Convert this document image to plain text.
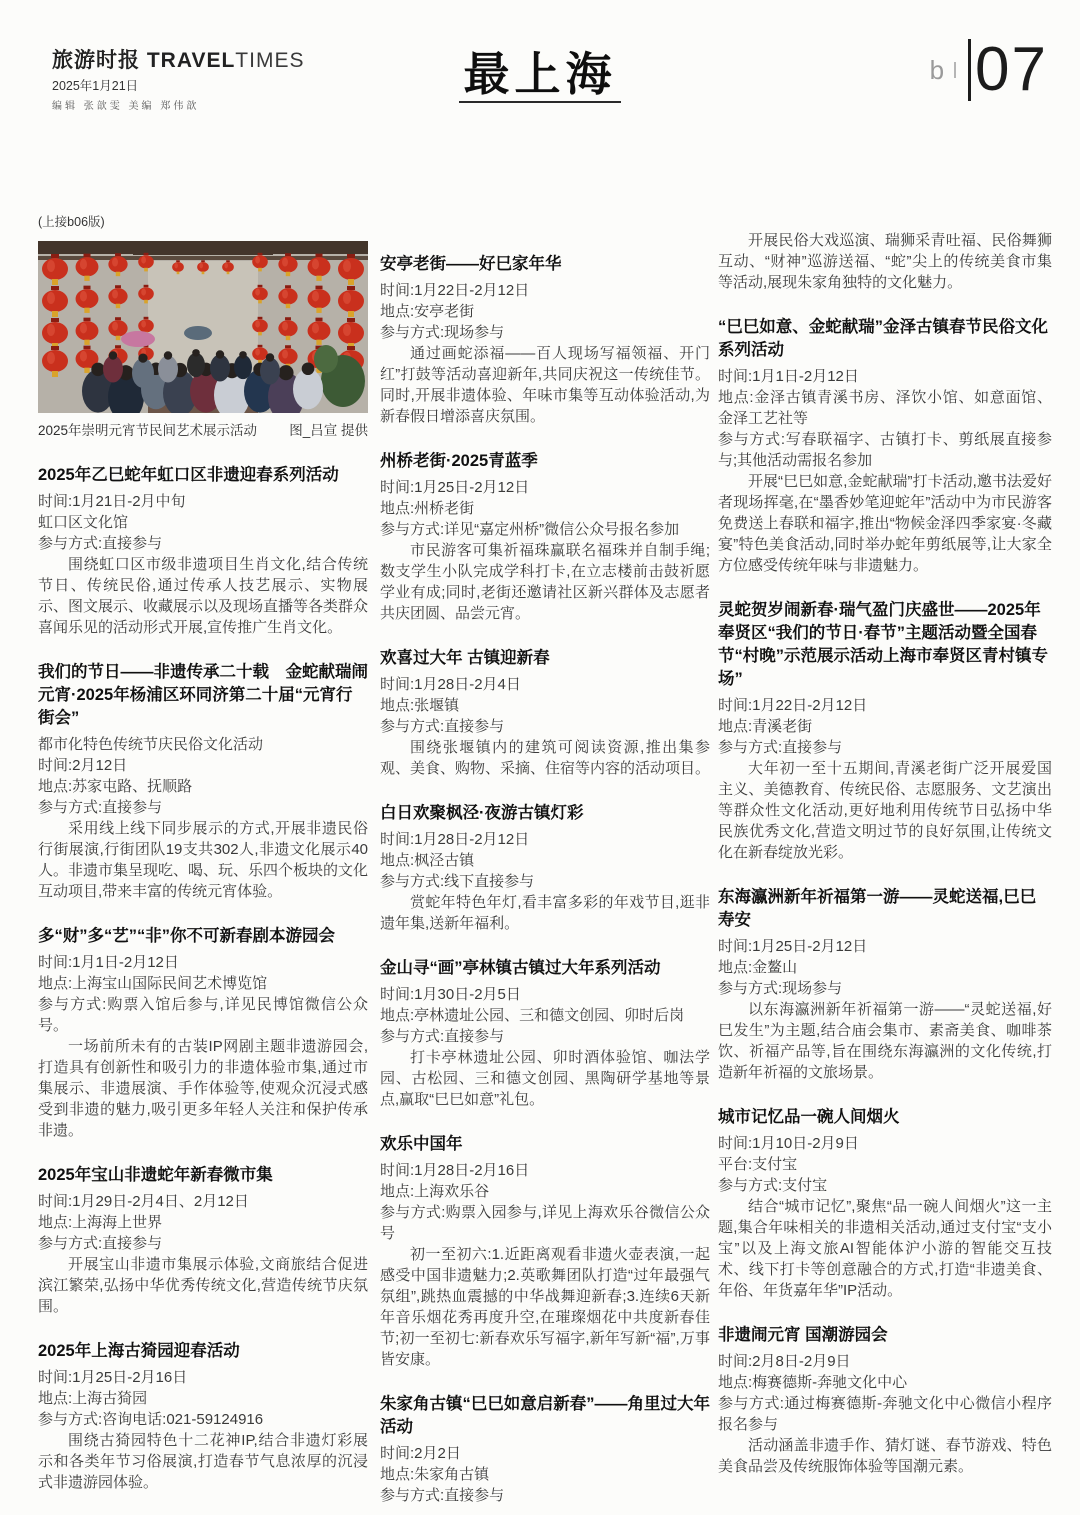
旅游时报 TRAVELTIMES
2025年1月21日
编辑 张歆雯 美编 郑伟歆
最上海	b 07

(上接b06版)

2025年崇明元宵节民间艺术展示活动 图_吕宣 提供
2025年乙巳蛇年虹口区非遗迎春系列活动

时间:1月21日-2月中旬

虹口区文化馆

参与方式:直接参与

围绕虹口区市级非遗项目生肖文化,结合传统节日、传统民俗,通过传承人技艺展示、实物展示、图文展示、收藏展示以及现场直播等各类群众喜闻乐见的活动形式开展,宣传推广生肖文化。

我们的节日——非遗传承二十载　金蛇献瑞闹元宵·2025年杨浦区环同济第二十届“元宵行街会”

都市化特色传统节庆民俗文化活动

时间:2月12日

地点:苏家屯路、抚顺路

参与方式:直接参与

采用线上线下同步展示的方式,开展非遗民俗行街展演,行街团队19支共302人,非遗文化展示40人。非遗市集呈现吃、喝、玩、乐四个板块的文化互动项目,带来丰富的传统元宵体验。

多“财”多“艺”“非”你不可新春剧本游园会

时间:1月1日-2月12日

地点:上海宝山国际民间艺术博览馆

参与方式:购票入馆后参与,详见民博馆微信公众号。

一场前所未有的古装IP网剧主题非遗游园会,打造具有创新性和吸引力的非遗体验市集,通过市集展示、非遗展演、手作体验等,使观众沉浸式感受到非遗的魅力,吸引更多年轻人关注和保护传承非遗。

2025年宝山非遗蛇年新春微市集

时间:1月29日-2月4日、2月12日

地点:上海海上世界

参与方式:直接参与

开展宝山非遗市集展示体验,文商旅结合促进滨江繁荣,弘扬中华优秀传统文化,营造传统节庆氛围。

2025年上海古猗园迎春活动

时间:1月25日-2月16日

地点:上海古猗园

参与方式:咨询电话:021-59124916

围绕古猗园特色十二花神IP,结合非遗灯彩展示和各类年节习俗展演,打造春节气息浓厚的沉浸式非遗游园体验。

安亭老街——好巳家年华

时间:1月22日-2月12日

地点:安亭老街

参与方式:现场参与

通过画蛇添福——百人现场写福领福、开门红”打鼓等活动喜迎新年,共同庆祝这一传统佳节。同时,开展非遗体验、年味市集等互动体验活动,为新春假日增添喜庆氛围。

州桥老街·2025青蓝季

时间:1月25日-2月12日

地点:州桥老街

参与方式:详见“嘉定州桥”微信公众号报名参加

市民游客可集祈福珠赢联名福珠并自制手绳;数支学生小队完成学科打卡,在立志楼前击鼓祈愿学业有成;同时,老街还邀请社区新兴群体及志愿者共庆团圆、品尝元宵。

欢喜过大年 古镇迎新春

时间:1月28日-2月4日

地点:张堰镇

参与方式:直接参与

围绕张堰镇内的建筑可阅读资源,推出集参观、美食、购物、采摘、住宿等内容的活动项目。

白日欢聚枫泾·夜游古镇灯彩

时间:1月28日-2月12日

地点:枫泾古镇

参与方式:线下直接参与

赏蛇年特色年灯,看丰富多彩的年戏节目,逛非遗年集,送新年福利。

金山寻“画”亭林镇古镇过大年系列活动

时间:1月30日-2月5日

地点:亭林遗址公园、三和德文创园、卯时后岗

参与方式:直接参与

打卡亭林遗址公园、卯时酒体验馆、咖法学园、古松园、三和德文创园、黑陶研学基地等景点,赢取“巳巳如意”礼包。

欢乐中国年

时间:1月28日-2月16日

地点:上海欢乐谷

参与方式:购票入园参与,详见上海欢乐谷微信公众号

初一至初六:1.近距离观看非遗火壶表演,一起感受中国非遗魅力;2.英歌舞团队打造“过年最强气氛组”,跳热血震撼的中华战舞迎新春;3.连续6天新年音乐烟花秀再度升空,在璀璨烟花中共度新春佳节;初一至初七:新春欢乐写福字,新年写新“福”,万事皆安康。

朱家角古镇“巳巳如意启新春”——角里过大年活动

时间:2月2日

地点:朱家角古镇

参与方式:直接参与

开展民俗大戏巡演、瑞狮采青吐福、民俗舞狮互动、“财神”巡游送福、“蛇”尖上的传统美食市集等活动,展现朱家角独特的文化魅力。

“巳巳如意、金蛇献瑞”金泽古镇春节民俗文化系列活动

时间:1月1日-2月12日

地点:金泽古镇青溪书房、泽饮小馆、如意面馆、金泽工艺社等

参与方式:写春联福字、古镇打卡、剪纸展直接参与;其他活动需报名参加

开展“巳巳如意,金蛇献瑞”打卡活动,邀书法爱好者现场挥毫,在“墨香妙笔迎蛇年”活动中为市民游客免费送上春联和福字,推出“物候金泽四季家宴·冬藏宴”特色美食活动,同时举办蛇年剪纸展等,让大家全方位感受传统年味与非遗魅力。

灵蛇贺岁闹新春·瑞气盈门庆盛世——2025年奉贤区“我们的节日·春节”主题活动暨全国春节“村晚”示范展示活动上海市奉贤区青村镇专场”

时间:1月22日-2月12日

地点:青溪老街

参与方式:直接参与

大年初一至十五期间,青溪老街广泛开展爱国主义、美德教育、传统民俗、志愿服务、文艺演出等群众性文化活动,更好地利用传统节日弘扬中华民族优秀文化,营造文明过节的良好氛围,让传统文化在新春绽放光彩。

东海瀛洲新年祈福第一游——灵蛇送福,巳巳寿安

时间:1月25日-2月12日

地点:金鳌山

参与方式:现场参与

以东海瀛洲新年祈福第一游——“灵蛇送福,好巳发生”为主题,结合庙会集市、素斋美食、咖啡茶饮、祈福产品等,旨在围绕东海瀛洲的文化传统,打造新年祈福的文旅场景。

城市记忆品一碗人间烟火

时间:1月10日-2月9日

平台:支付宝

参与方式:支付宝

结合“城市记忆”,聚焦“品一碗人间烟火”这一主题,集合年味相关的非遗相关活动,通过支付宝“支小宝”以及上海文旅AI智能体沪小游的智能交互技术、线下打卡等创意融合的方式,打造“非遗美食、年俗、年货嘉年华”IP活动。

非遗闹元宵 国潮游园会

时间:2月8日-2月9日

地点:梅赛德斯-奔驰文化中心

参与方式:通过梅赛德斯-奔驰文化中心微信小程序报名参与

活动涵盖非遗手作、猜灯谜、春节游戏、特色美食品尝及传统服饰体验等国潮元素。
